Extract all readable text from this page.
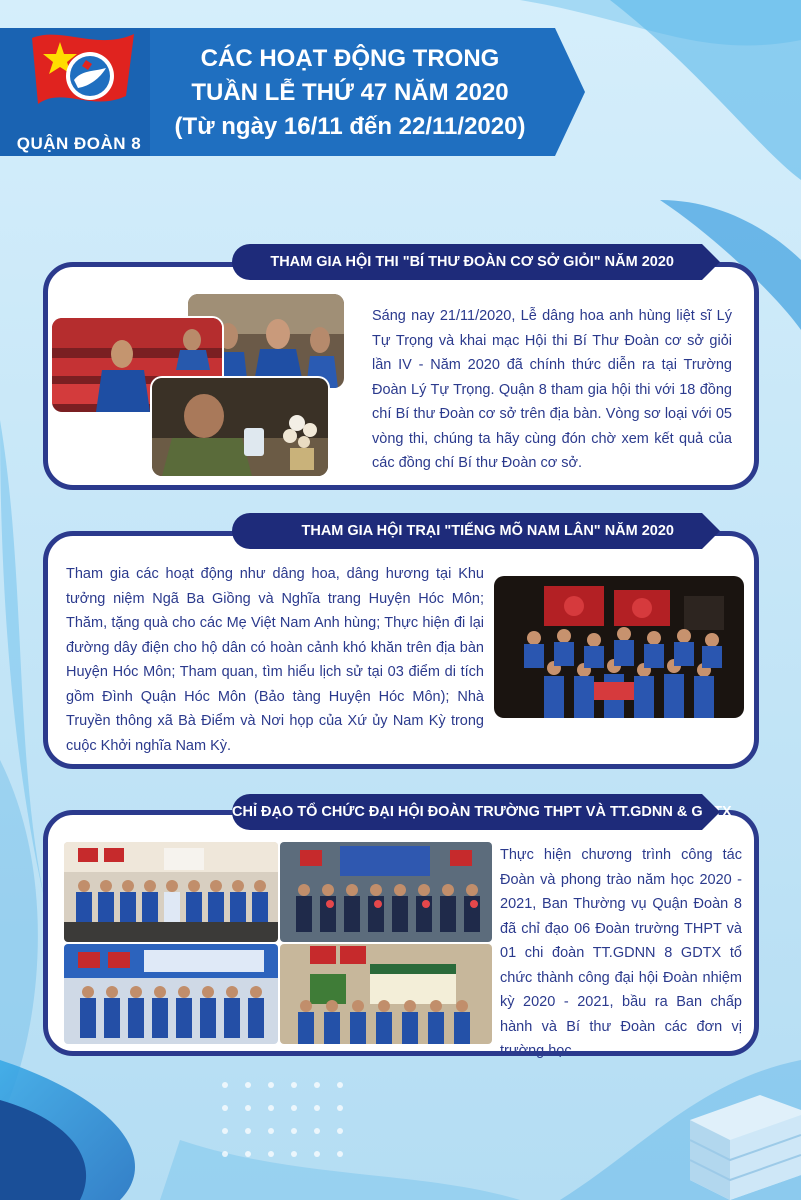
QUẬN ĐOÀN 8
CÁC HOẠT ĐỘNG TRONG
TUẦN LỄ THỨ 47 NĂM 2020
(Từ ngày 16/11 đến 22/11/2020)
THAM GIA HỘI THI "BÍ THƯ ĐOÀN CƠ SỞ GIỎI" NĂM 2020
Sáng nay 21/11/2020, Lễ dâng hoa anh hùng liệt sĩ Lý Tự Trọng và khai mạc Hội thi Bí Thư Đoàn cơ sở giỏi lần IV - Năm 2020 đã chính thức diễn ra tại Trường Đoàn Lý Tự Trọng. Quận 8 tham gia hội thi với 18 đồng chí Bí thư Đoàn cơ sở trên địa bàn. Vòng sơ loại với 05 vòng thi, chúng ta hãy cùng đón chờ xem kết quả của các đồng chí Bí thư Đoàn cơ sở.
THAM GIA HỘI TRẠI "TIẾNG MÕ NAM LÂN" NĂM 2020
Tham gia các hoạt động như dâng hoa, dâng hương tại Khu tưởng niệm Ngã Ba Giồng và Nghĩa trang Huyện Hóc Môn; Thăm, tặng quà cho các Mẹ Việt Nam Anh hùng; Thực hiện đi lại đường dây điện cho hộ dân có hoàn cảnh khó khăn trên địa bàn Huyện Hóc Môn; Tham quan, tìm hiểu lịch sử tại 03 điểm di tích gồm Đình Quận Hóc Môn (Bảo tàng Huyện Hóc Môn); Nhà Truyền thông xã Bà Điểm và Nơi họp của Xứ ủy Nam Kỳ trong cuộc Khởi nghĩa Nam Kỳ.
CHỈ ĐẠO TỔ CHỨC ĐẠI HỘI ĐOÀN TRƯỜNG THPT VÀ TT.GDNN & GDTX
Thực hiện chương trình công tác Đoàn và phong trào năm học 2020 - 2021, Ban Thường vụ Quận Đoàn 8 đã chỉ đạo 06 Đoàn trường THPT và 01 chi đoàn TT.GDNN 8 GDTX tổ chức thành công đại hội Đoàn nhiệm kỳ 2020 - 2021, bầu ra Ban chấp hành và Bí thư Đoàn các đơn vị trường học.
